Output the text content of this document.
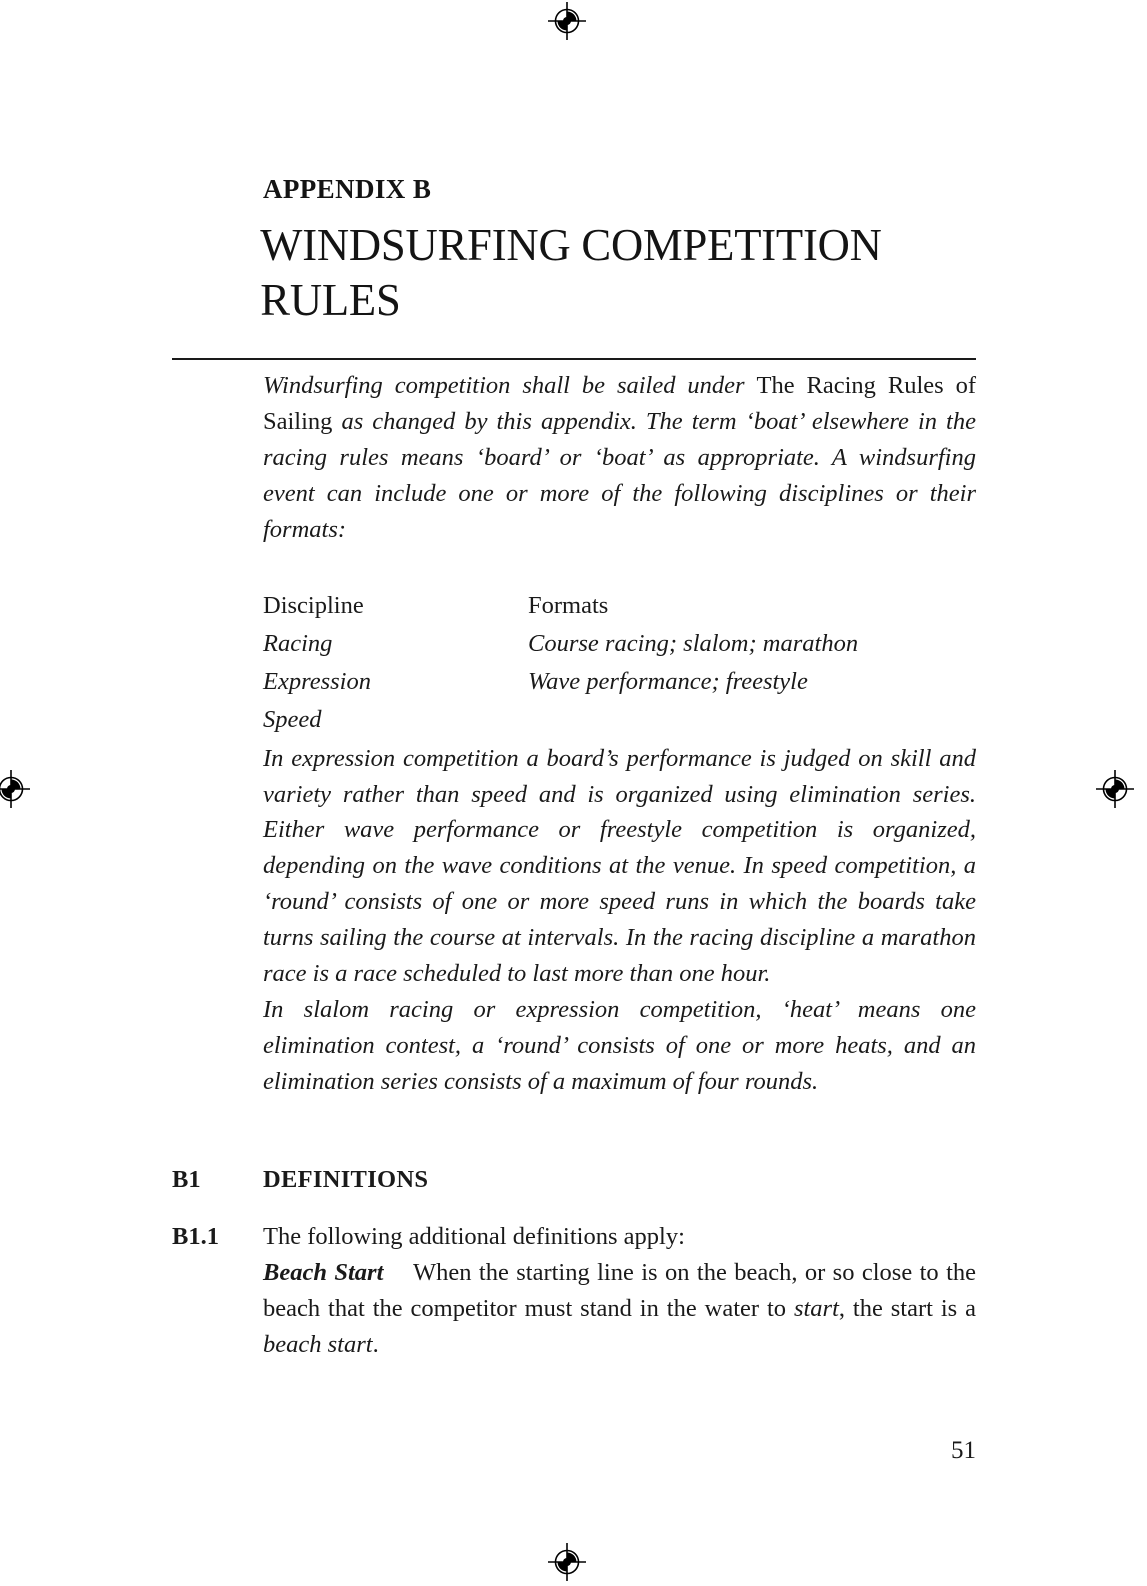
APPENDIX B
WINDSURFING COMPETITION RULES

Windsurfing competition shall be sailed under The Racing Rules of Sailing as changed by this appendix. The term ‘boat’ elsewhere in the racing rules means ‘board’ or ‘boat’ as appropriate. A windsurfing event can include one or more of the following disciplines or their formats:

Discipline	Formats
Racing	Course racing; slalom; marathon
Expression	Wave performance; freestyle
Speed	

In expression competition a board’s performance is judged on skill and variety rather than speed and is organized using elimination series. Either wave performance or freestyle competition is organized, depending on the wave conditions at the venue. In speed competition, a ‘round’ consists of one or more speed runs in which the boards take turns sailing the course at intervals. In the racing discipline a marathon race is a race scheduled to last more than one hour.

In slalom racing or expression competition, ‘heat’ means one elimination contest, a ‘round’ consists of one or more heats, and an elimination series consists of a maximum of four rounds.

B1	DEFINITIONS
B1.1	The following additional definitions apply:

Beach Start When the starting line is on the beach, or so close to the beach that the competitor must stand in the water to start, the start is a beach start.

51
